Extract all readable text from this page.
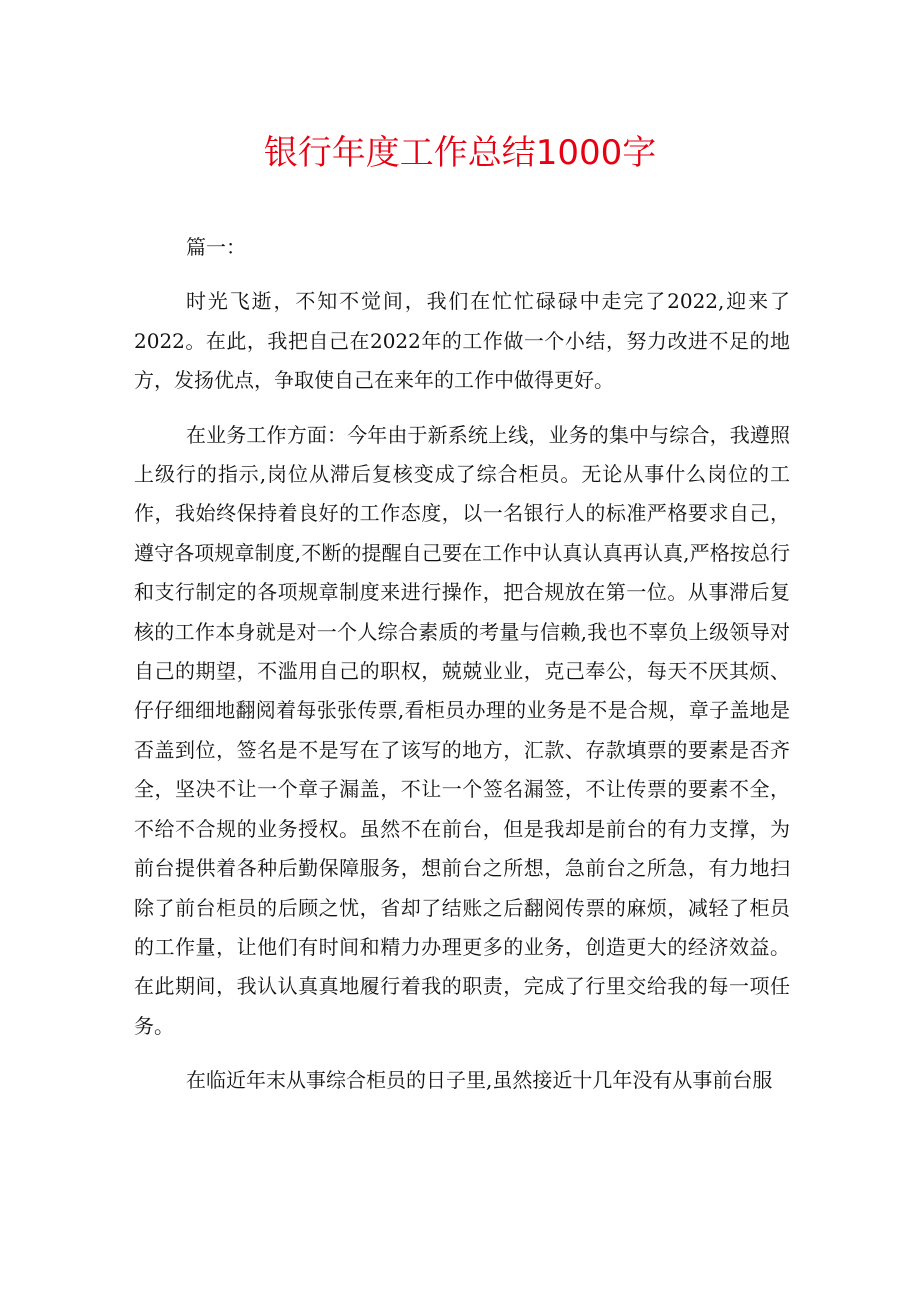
银行年度工作总结1000字

篇一：

时光飞逝，不知不觉间，我们在忙忙碌碌中走完了2022,迎来了2022。在此，我把自己在2022年的工作做一个小结，努力改进不足的地方，发扬优点，争取使自己在来年的工作中做得更好。

在业务工作方面：今年由于新系统上线，业务的集中与综合，我遵照上级行的指示,岗位从滞后复核变成了综合柜员。无论从事什么岗位的工作，我始终保持着良好的工作态度，以一名银行人的标准严格要求自己，遵守各项规章制度,不断的提醒自己要在工作中认真认真再认真,严格按总行和支行制定的各项规章制度来进行操作，把合规放在第一位。从事滞后复核的工作本身就是对一个人综合素质的考量与信赖,我也不辜负上级领导对自己的期望，不滥用自己的职权，兢兢业业，克己奉公，每天不厌其烦、仔仔细细地翻阅着每张张传票,看柜员办理的业务是不是合规，章子盖地是否盖到位，签名是不是写在了该写的地方，汇款、存款填票的要素是否齐全，坚决不让一个章子漏盖，不让一个签名漏签，不让传票的要素不全，不给不合规的业务授权。虽然不在前台，但是我却是前台的有力支撑，为前台提供着各种后勤保障服务，想前台之所想，急前台之所急，有力地扫除了前台柜员的后顾之忧，省却了结账之后翻阅传票的麻烦，减轻了柜员的工作量，让他们有时间和精力办理更多的业务，创造更大的经济效益。在此期间，我认认真真地履行着我的职责，完成了行里交给我的每一项任务。

在临近年末从事综合柜员的日子里,虽然接近十几年没有从事前台服
